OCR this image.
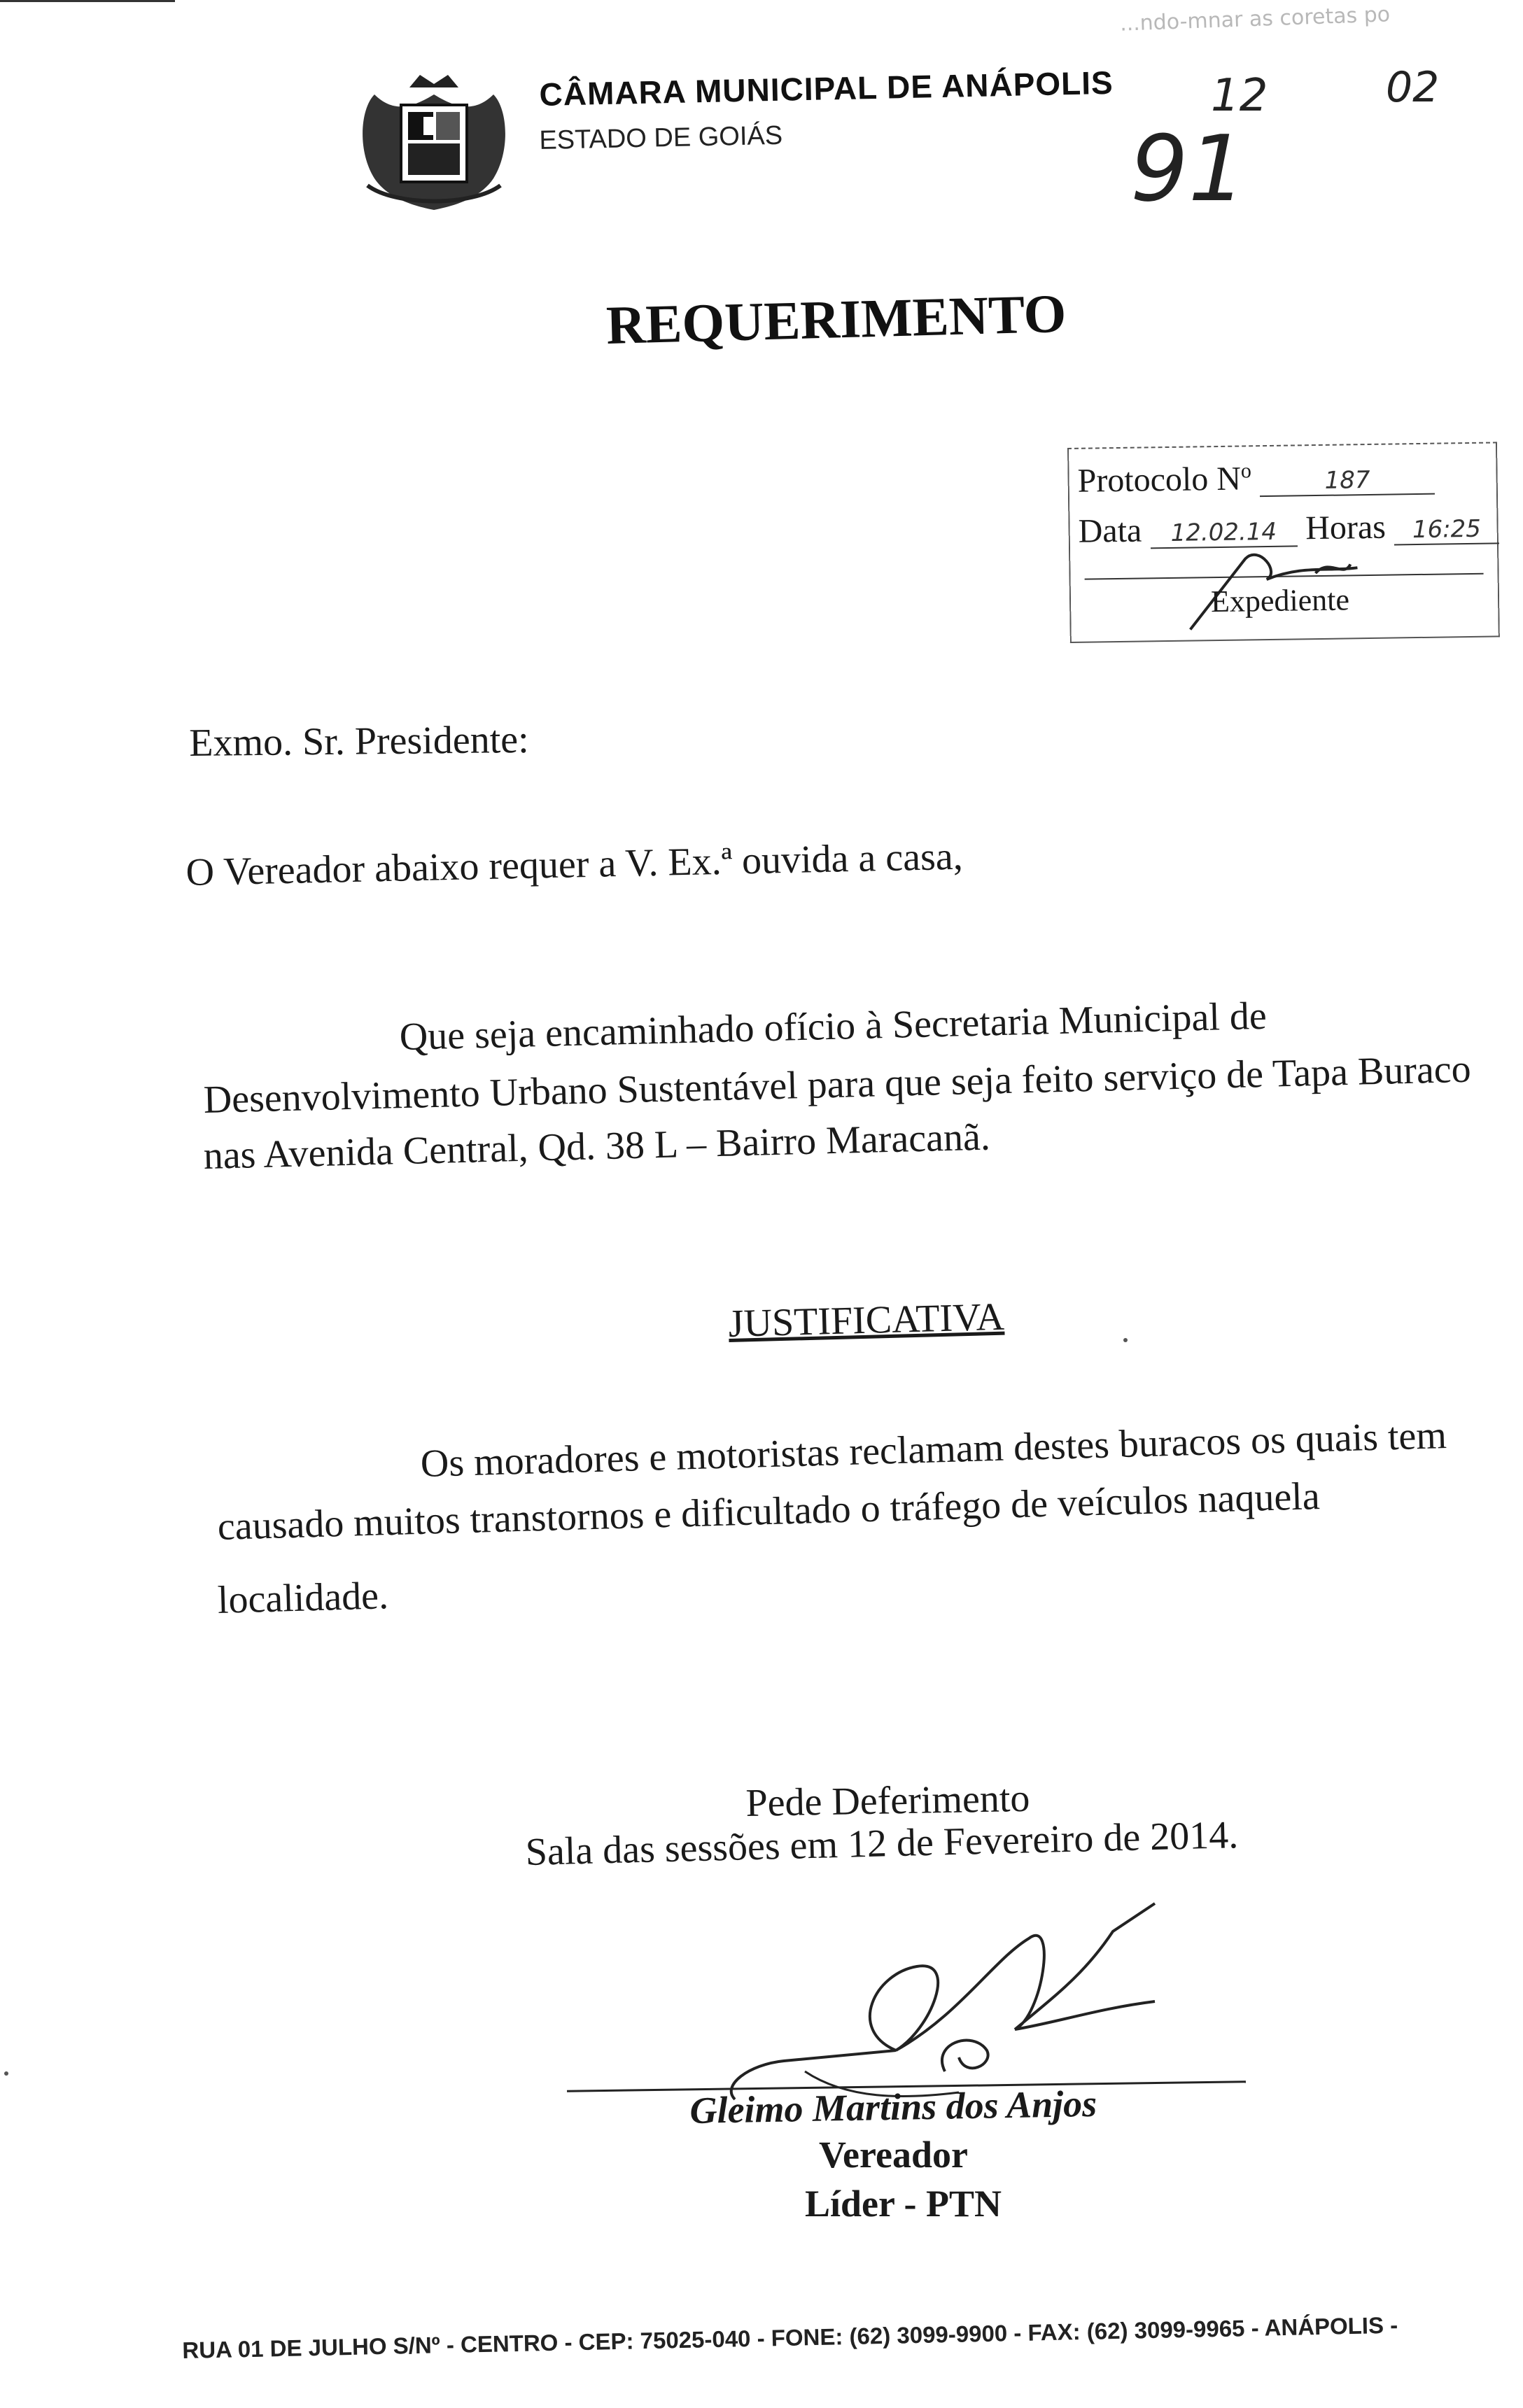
...ndo-mnar as coretas po
CÂMARA MUNICIPAL DE ANÁPOLIS
ESTADO DE GOIÁS
12	02
91
REQUERIMENTO
Protocolo $N^o$	187
Data 12.02.14 Horas 16:25
Expediente
Exmo. Sr. Presidente:
O Vereador abaixo requer a V. Ex.ª ouvida a casa,
Que seja encaminhado ofício à Secretaria Municipal de
Desenvolvimento Urbano Sustentável para que seja feito serviço de Tapa Buraco
nas Avenida Central, Qd. 38 L – Bairro Maracanã.
JUSTIFICATIVA
Os moradores e motoristas reclamam destes buracos os quais tem
causado muitos transtornos e dificultado o tráfego de veículos naquela
localidade.
Pede Deferimento
Sala das sessões em 12 de Fevereiro de 2014.
Gleimo Martins dos Anjos
Vereador
Líder - PTN
RUA 01 DE JULHO S/Nº - CENTRO - CEP: 75025-040 - FONE: (62) 3099-9900 - FAX: (62) 3099-9965 - ANÁPOLIS -
